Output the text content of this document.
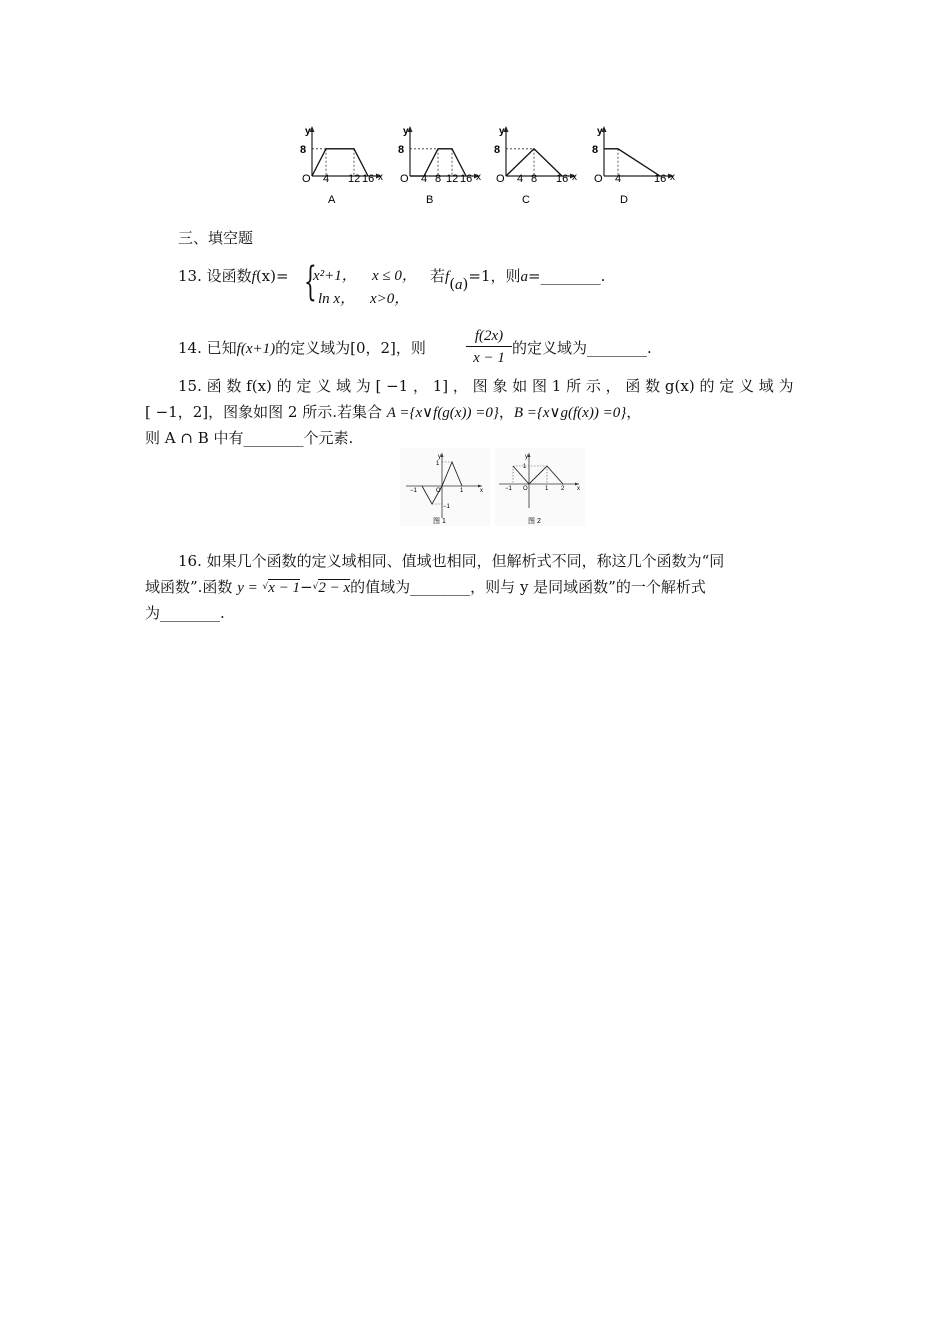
y
8
O	x
4 12 16
A
y
8
O	x
4 8 12 16
B
y
8
O	x
4 8 16
C
y
8
O	x
4	16
D
三、填空题
13. 设函数f(x)= {
x²+1， x ≤ 0，
ln x， x>0，
若f(a)=1，则a=________.
14. 已知f(x+1)的定义域为[0，2]，则	$\frac{f(2x)}{x - 1}$ 的定义域为________.
15. 函 数 f(x) 的 定 义 域 为 [ −1 ， 1] ， 图 象 如 图 1 所 示 ， 函 数 g(x) 的 定 义 域 为
[ −1，2]，图象如图 2 所示.若集合 A ={x∨f(g(x)) =0}，B ={x∨g(f(x)) =0}，
则 A ∩ B 中有________个元素.
y
x
O
−1	1
1
−1
图 1
y
x
O
−1	1 2
1
图 2
16. 如果几个函数的定义域相同、值域也相同，但解析式不同，称这几个函数为“同
域函数”.函数 y = √x − 1−√2 − x的值域为________，则与 y 是同域函数”的一个解析式
为________.
